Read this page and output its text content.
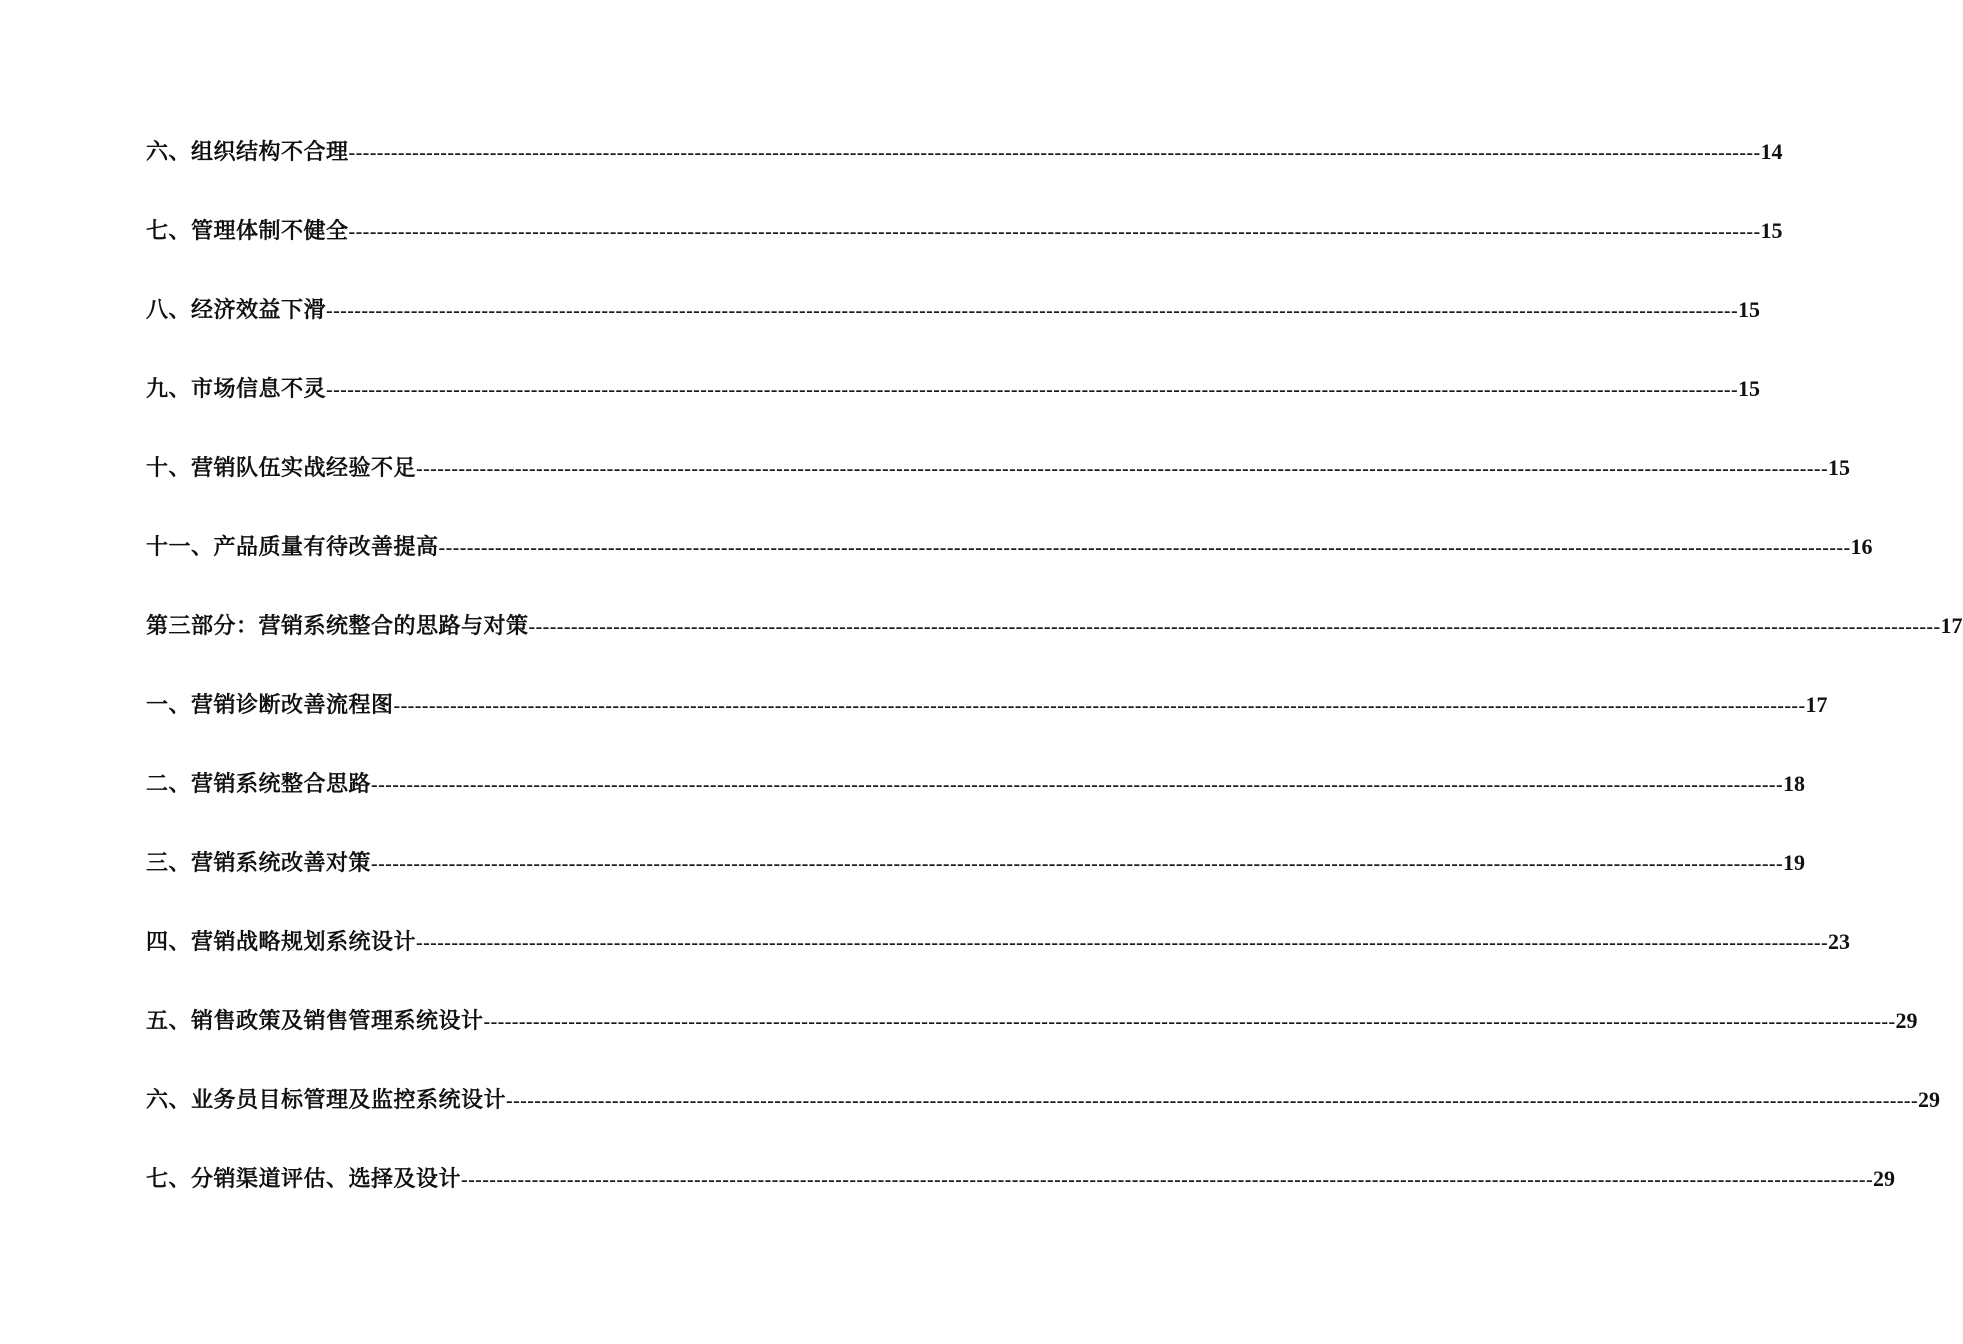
六、组织结构不合理 -------------------------------------------------------------------------------------------------------------------------------------------------------------------------------------------------------- 14
七、管理体制不健全 -------------------------------------------------------------------------------------------------------------------------------------------------------------------------------------------------------- 15
八、经济效益下滑 -------------------------------------------------------------------------------------------------------------------------------------------------------------------------------------------------------- 15
九、市场信息不灵 -------------------------------------------------------------------------------------------------------------------------------------------------------------------------------------------------------- 15
十、营销队伍实战经验不足 -------------------------------------------------------------------------------------------------------------------------------------------------------------------------------------------------------- 15
十一、产品质量有待改善提高 -------------------------------------------------------------------------------------------------------------------------------------------------------------------------------------------------------- 16
第三部分：营销系统整合的思路与对策 -------------------------------------------------------------------------------------------------------------------------------------------------------------------------------------------------------- 17
一、营销诊断改善流程图 -------------------------------------------------------------------------------------------------------------------------------------------------------------------------------------------------------- 17
二、营销系统整合思路 -------------------------------------------------------------------------------------------------------------------------------------------------------------------------------------------------------- 18
三、营销系统改善对策 -------------------------------------------------------------------------------------------------------------------------------------------------------------------------------------------------------- 19
四、营销战略规划系统设计 -------------------------------------------------------------------------------------------------------------------------------------------------------------------------------------------------------- 23
五、销售政策及销售管理系统设计 -------------------------------------------------------------------------------------------------------------------------------------------------------------------------------------------------------- 29
六、业务员目标管理及监控系统设计 -------------------------------------------------------------------------------------------------------------------------------------------------------------------------------------------------------- 29
七、分销渠道评估、选择及设计 -------------------------------------------------------------------------------------------------------------------------------------------------------------------------------------------------------- 29
